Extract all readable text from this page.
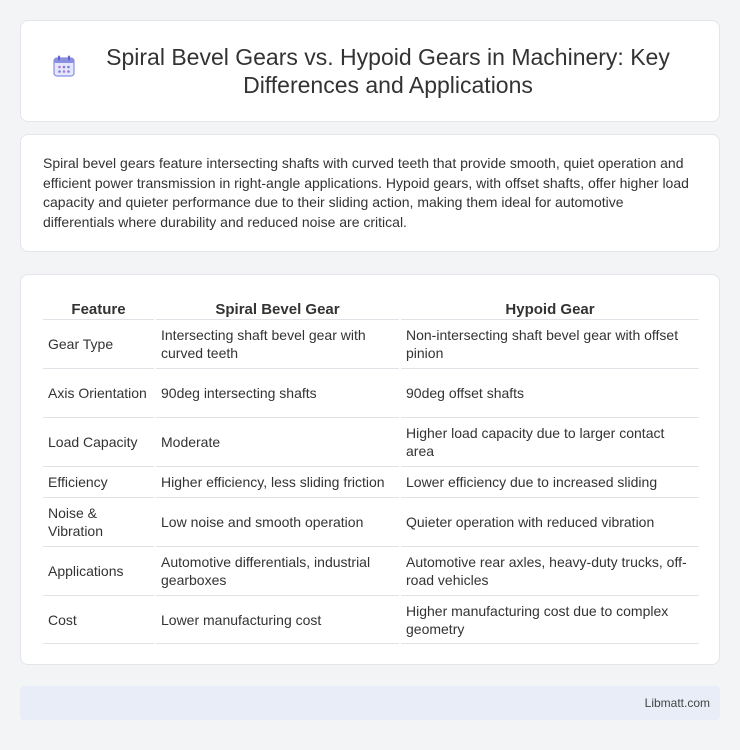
Spiral Bevel Gears vs. Hypoid Gears in Machinery: Key Differences and Applications

Spiral bevel gears feature intersecting shafts with curved teeth that provide smooth, quiet operation and efficient power transmission in right-angle applications. Hypoid gears, with offset shafts, offer higher load capacity and quieter performance due to their sliding action, making them ideal for automotive differentials where durability and reduced noise are critical.

Feature	Spiral Bevel Gear	Hypoid Gear
Gear Type	Intersecting shaft bevel gear with curved teeth	Non-intersecting shaft bevel gear with offset pinion
Axis Orientation	90deg intersecting shafts	90deg offset shafts
Load Capacity	Moderate	Higher load capacity due to larger contact area
Efficiency	Higher efficiency, less sliding friction	Lower efficiency due to increased sliding
Noise & Vibration	Low noise and smooth operation	Quieter operation with reduced vibration
Applications	Automotive differentials, industrial gearboxes	Automotive rear axles, heavy-duty trucks, off-road vehicles
Cost	Lower manufacturing cost	Higher manufacturing cost due to complex geometry
Libmatt.com
